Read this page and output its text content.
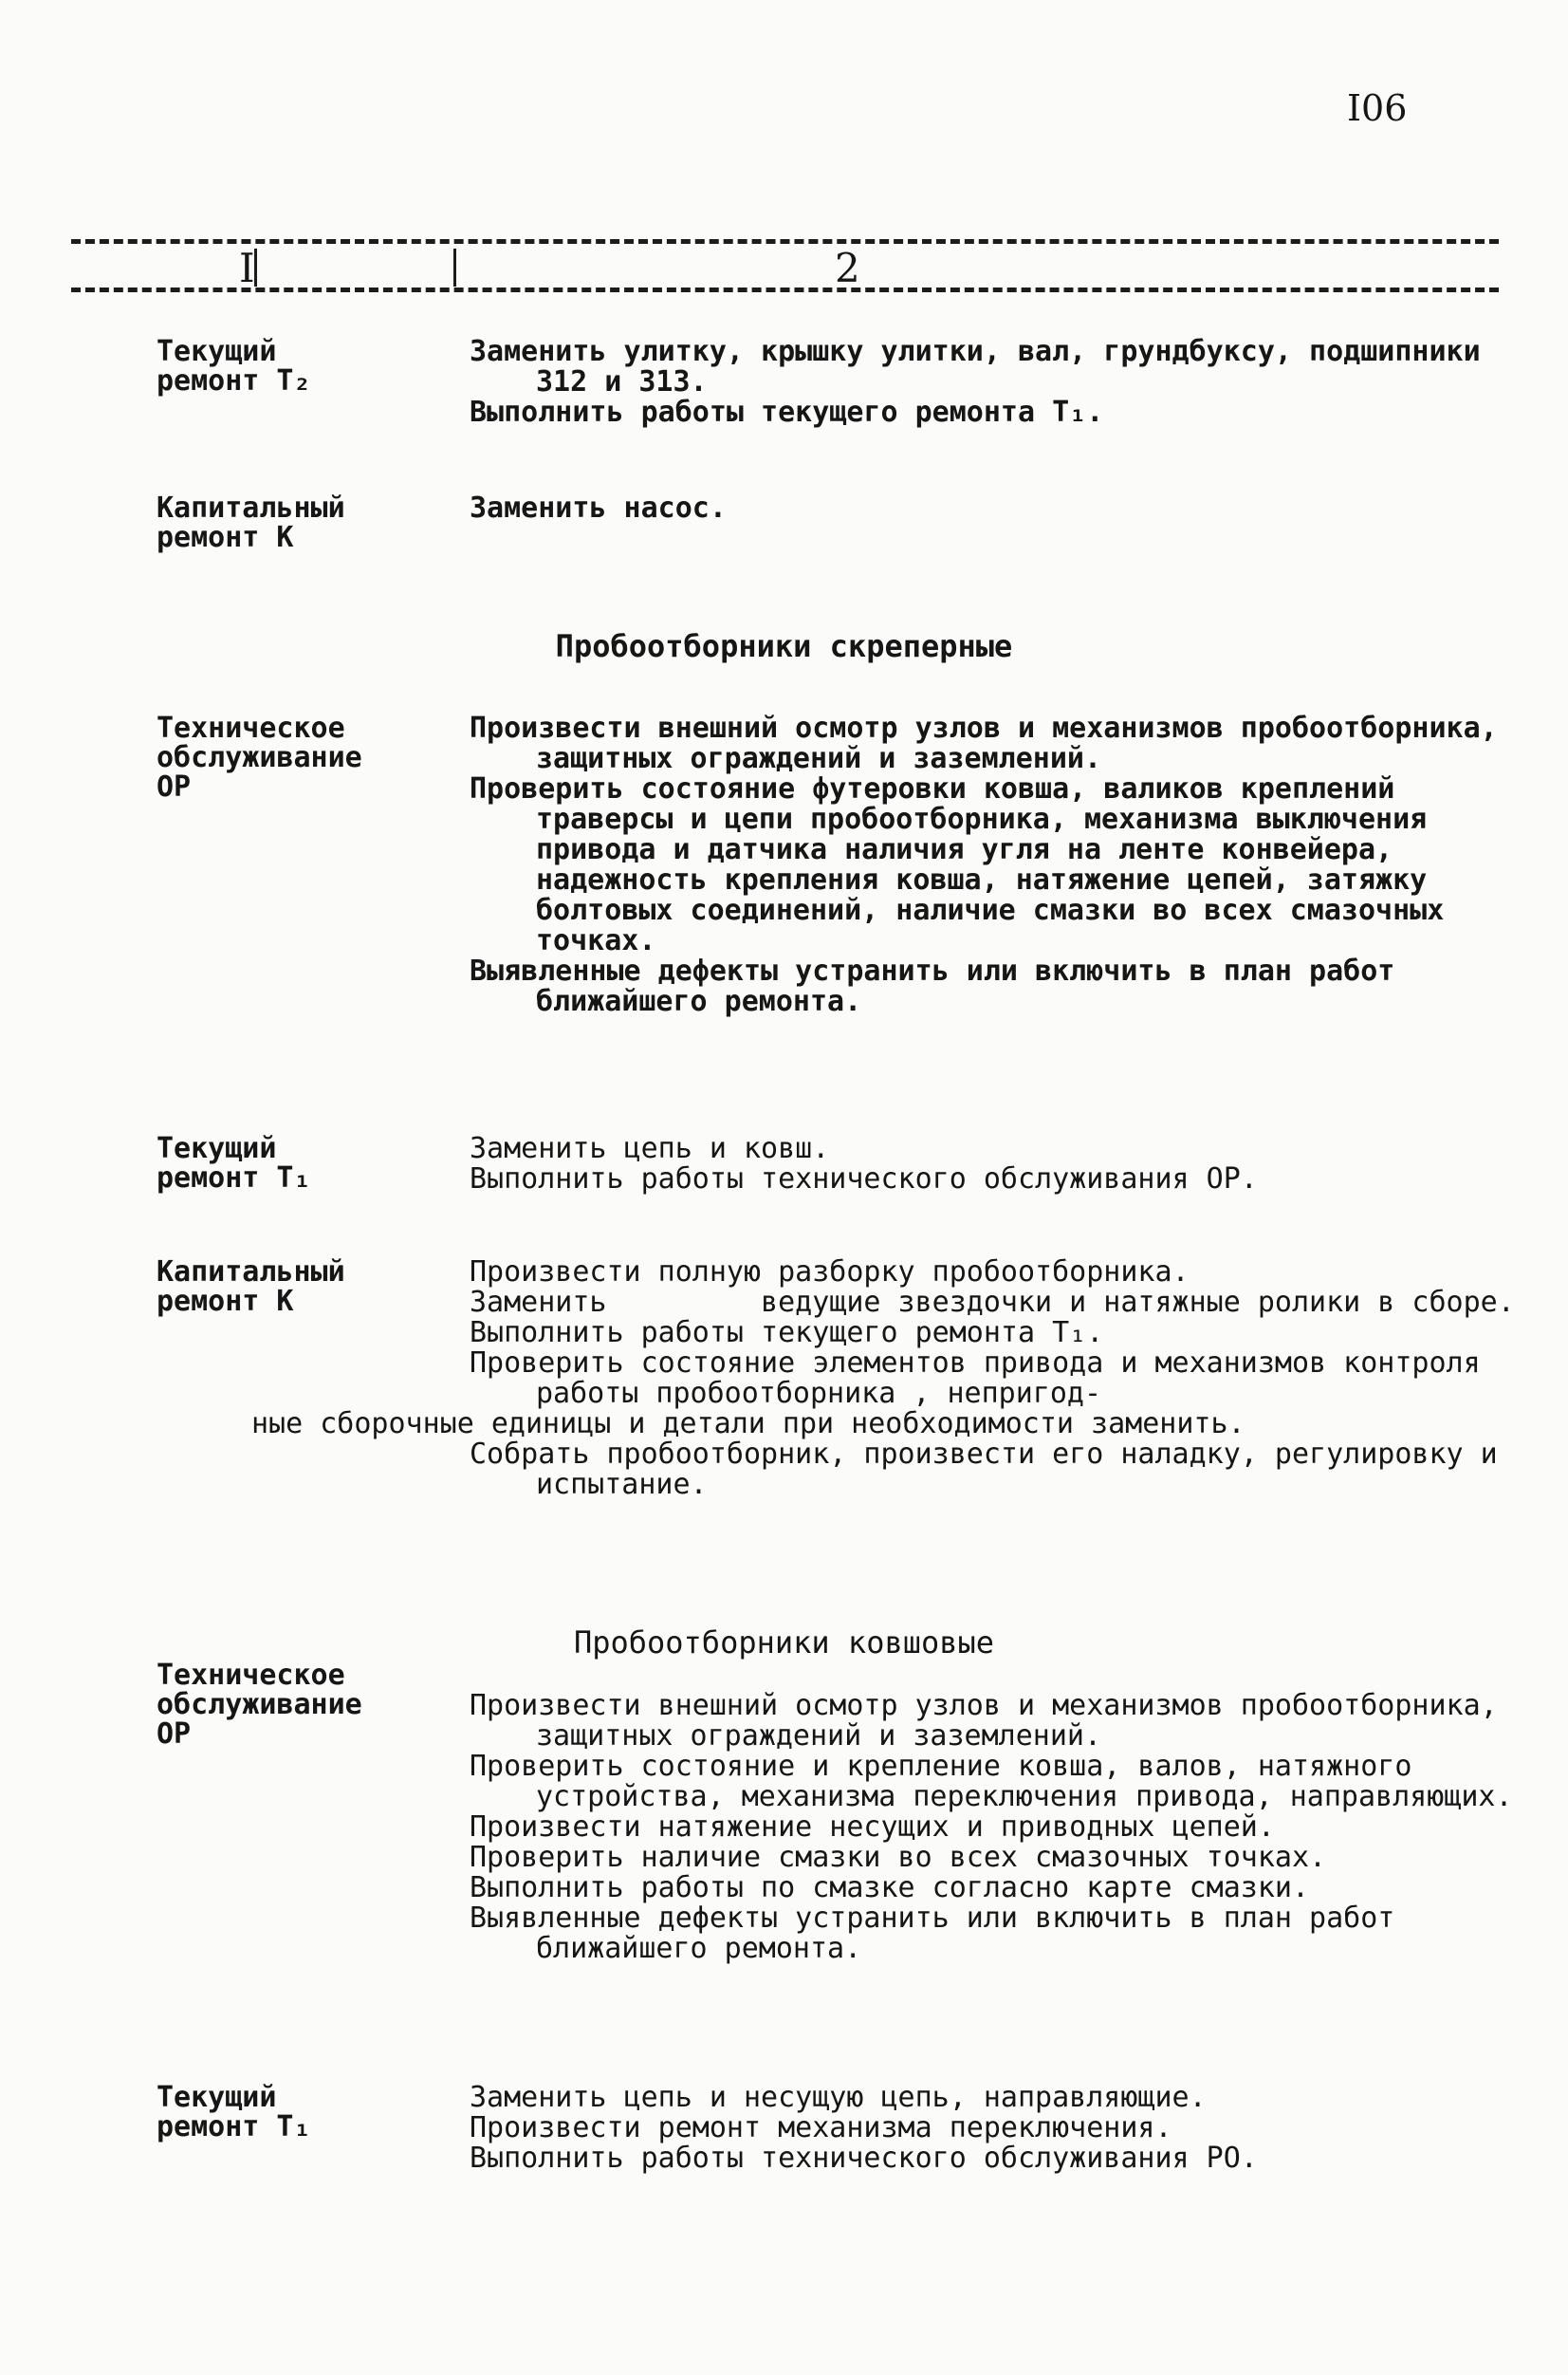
I06
I	2
Текущий
ремонт Т₂

Заменить улитку, крышку улитки, вал, грундбуксу, подшипники 312 и 313.

Выполнить работы текущего ремонта Т₁.

Капитальный
ремонт К

Заменить насос.

Пробоотборники скреперные
Техническое
обслуживание
ОР

Произвести внешний осмотр узлов и механизмов пробоотборника, защитных ограждений и заземлений.

Проверить состояние футеровки ковша, валиков креплений траверсы и цепи пробоотборника, механизма выключения привода и датчика наличия угля на ленте конвейера, надежность крепления ковша, натяжение цепей, затяжку болтовых соединений, наличие смазки во всех смазочных точках.

Выявленные дефекты устранить или включить в план работ ближайшего ремонта.

Текущий
ремонт Т₁

Заменить цепь и ковш.

Выполнить работы технического обслуживания ОР.

Капитальный
ремонт К

Произвести полную разборку пробоотборника.

Заменить         ведущие звездочки и натяжные ролики в сборе.

Выполнить работы текущего ремонта Т₁.

Проверить состояние элементов привода и механизмов контроля работы пробоотборника , непригод-

ные сборочные единицы и детали при необходимости заменить.

Собрать пробоотборник, произвести его наладку, регулировку и испытание.

Пробоотборники ковшовые
Техническое
обслуживание
ОР

Произвести внешний осмотр узлов и механизмов пробоотборника, защитных ограждений и заземлений.

Проверить состояние и крепление ковша, валов, натяжного устройства, механизма переключения привода, направляющих.

Произвести натяжение несущих и приводных цепей.

Проверить наличие смазки во всех смазочных точках.

Выполнить работы по смазке согласно карте смазки.

Выявленные дефекты устранить или включить в план работ ближайшего ремонта.

Текущий
ремонт Т₁

Заменить цепь и несущую цепь, направляющие.

Произвести ремонт механизма переключения.

Выполнить работы технического обслуживания РО.
